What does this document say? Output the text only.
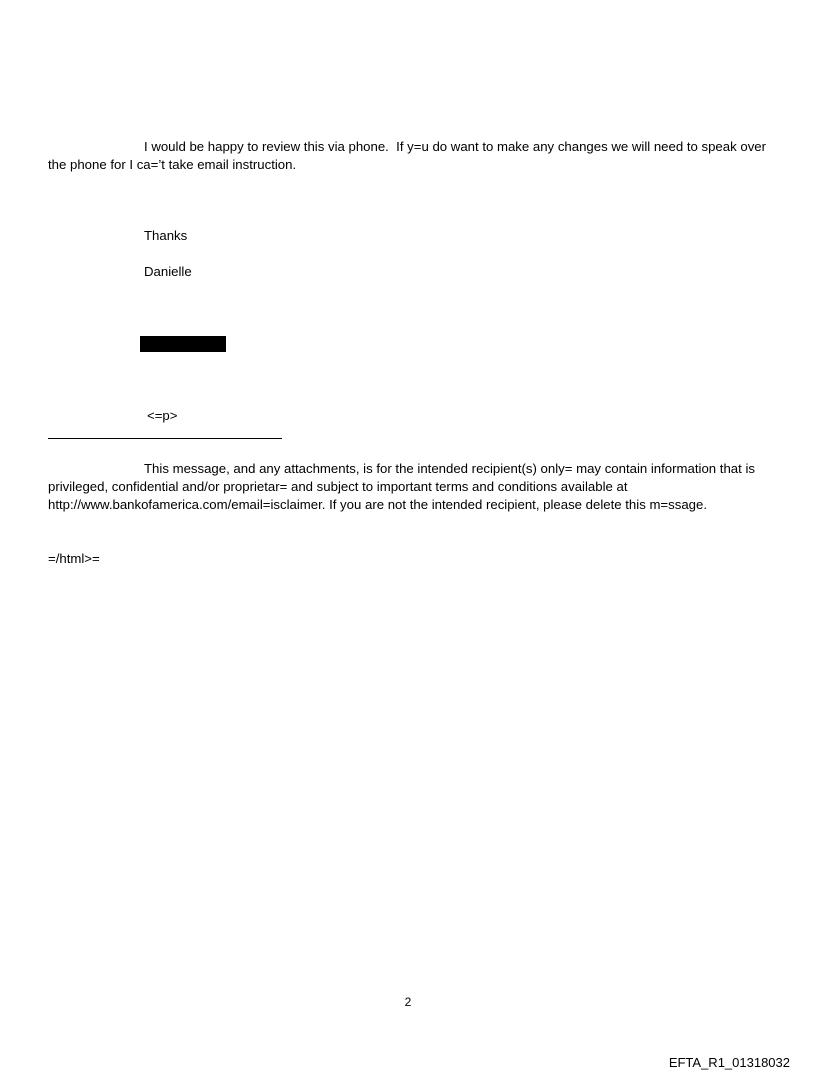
I would be happy to review this via phone.  If y=u do want to make any changes we will need to speak over the phone for I ca=’t take email instruction.

Thanks

Danielle

<=p>

This message, and any attachments, is for the intended recipient(s) only= may contain information that is privileged, confidential and/or proprietar= and subject to important terms and conditions available at http://www.bankofamerica.com/email=isclaimer. If you are not the intended recipient, please delete this m=ssage.

=/html>=

2
EFTA_R1_01318032
